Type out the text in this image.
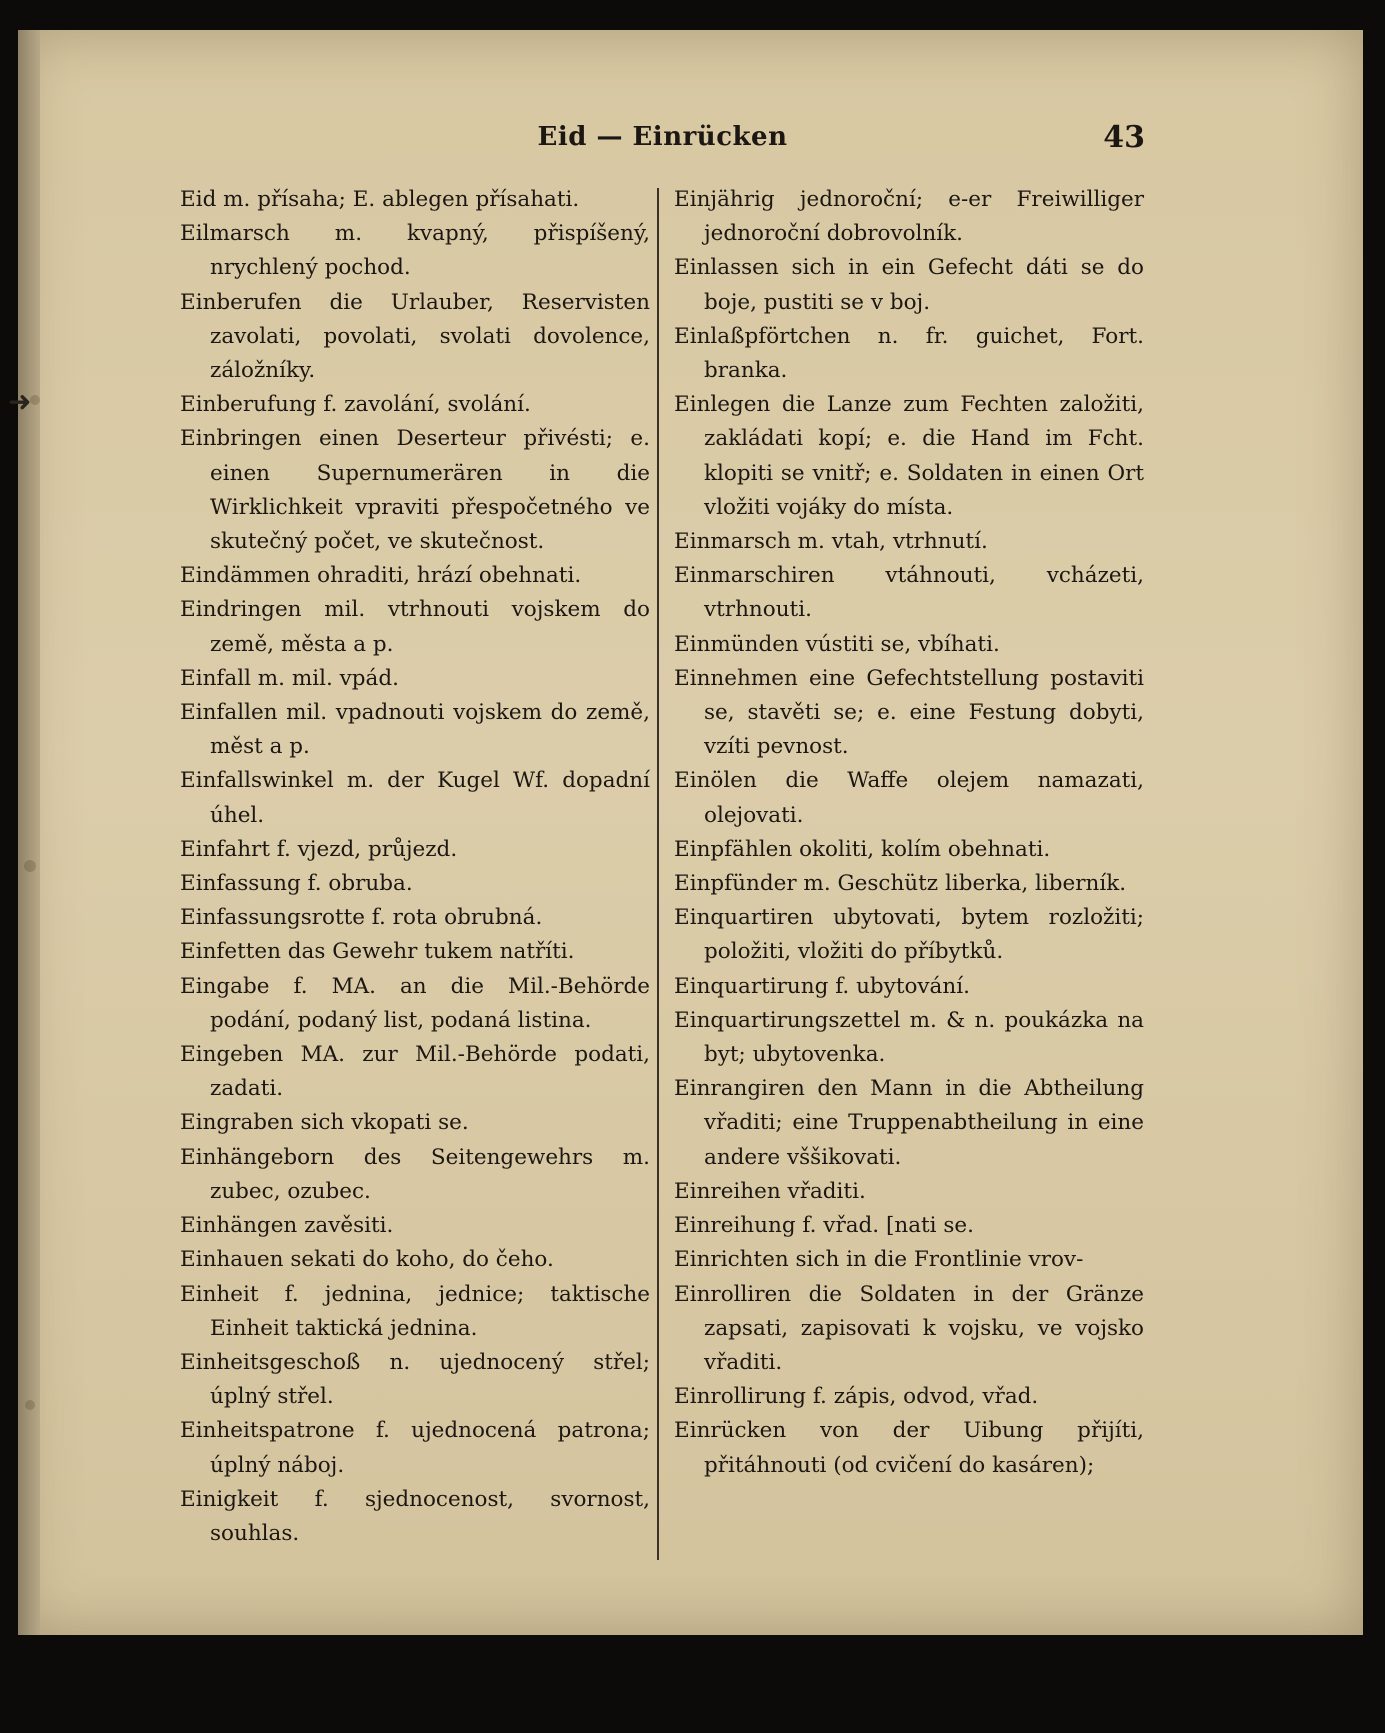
➜
Eid — Einrücken	43

Eid m. přísaha; E. ablegen přísahati.

Eilmarsch m. kvapný, přispíšený, nrychlený pochod.

Einberufen die Urlauber, Reservisten zavolati, povolati, svolati dovolence, záložníky.

Einberufung f. zavolání, svolání.

Einbringen einen Deserteur přivésti; e. einen Supernumerären in die Wirklichkeit vpraviti přespočetného ve skutečný počet, ve skutečnost.

Eindämmen ohraditi, hrází obehnati.

Eindringen mil. vtrhnouti vojskem do země, města a p.

Einfall m. mil. vpád.

Einfallen mil. vpadnouti vojskem do země, měst a p.

Einfallswinkel m. der Kugel Wf. dopadní úhel.

Einfahrt f. vjezd, průjezd.

Einfassung f. obruba.

Einfassungsrotte f. rota obrubná.

Einfetten das Gewehr tukem natříti.

Eingabe f. MA. an die Mil.-Behörde podání, podaný list, podaná listina.

Eingeben MA. zur Mil.-Behörde podati, zadati.

Eingraben sich vkopati se.

Einhängeborn des Seitengewehrs m. zubec, ozubec.

Einhängen zavěsiti.

Einhauen sekati do koho, do čeho.

Einheit f. jednina, jednice; taktische Einheit taktická jednina.

Einheitsgeschoß n. ujednocený střel; úplný střel.

Einheitspatrone f. ujednocená patrona; úplný náboj.

Einigkeit f. sjednocenost, svornost, souhlas.

Einjährig jednoroční; e-er Freiwilliger jednoroční dobrovolník.

Einlassen sich in ein Gefecht dáti se do boje, pustiti se v boj.

Einlaßpförtchen n. fr. guichet, Fort. branka.

Einlegen die Lanze zum Fechten založiti, zakládati kopí; e. die Hand im Fcht. klopiti se vnitř; e. Soldaten in einen Ort vložiti vojáky do místa.

Einmarsch m. vtah, vtrhnutí.

Einmarschiren vtáhnouti, vcházeti, vtrhnouti.

Einmünden vústiti se, vbíhati.

Einnehmen eine Gefechtstellung postaviti se, stavěti se; e. eine Festung dobyti, vzíti pevnost.

Einölen die Waffe olejem namazati, olejovati.

Einpfählen okoliti, kolím obehnati.

Einpfünder m. Geschütz liberka, liberník.

Einquartiren ubytovati, bytem rozložiti; položiti, vložiti do příbytků.

Einquartirung f. ubytování.

Einquartirungszettel m. & n. poukázka na byt; ubytovenka.

Einrangiren den Mann in die Abtheilung vřaditi; eine Truppenabtheilung in eine andere vššikovati.

Einreihen vřaditi.

Einreihung f. vřad. [nati se.

Einrichten sich in die Frontlinie vrov-

Einrolliren die Soldaten in der Gränze zapsati, zapisovati k vojsku, ve vojsko vřaditi.

Einrollirung f. zápis, odvod, vřad.

Einrücken von der Uibung přijíti, přitáhnouti (od cvičení do kasáren);
